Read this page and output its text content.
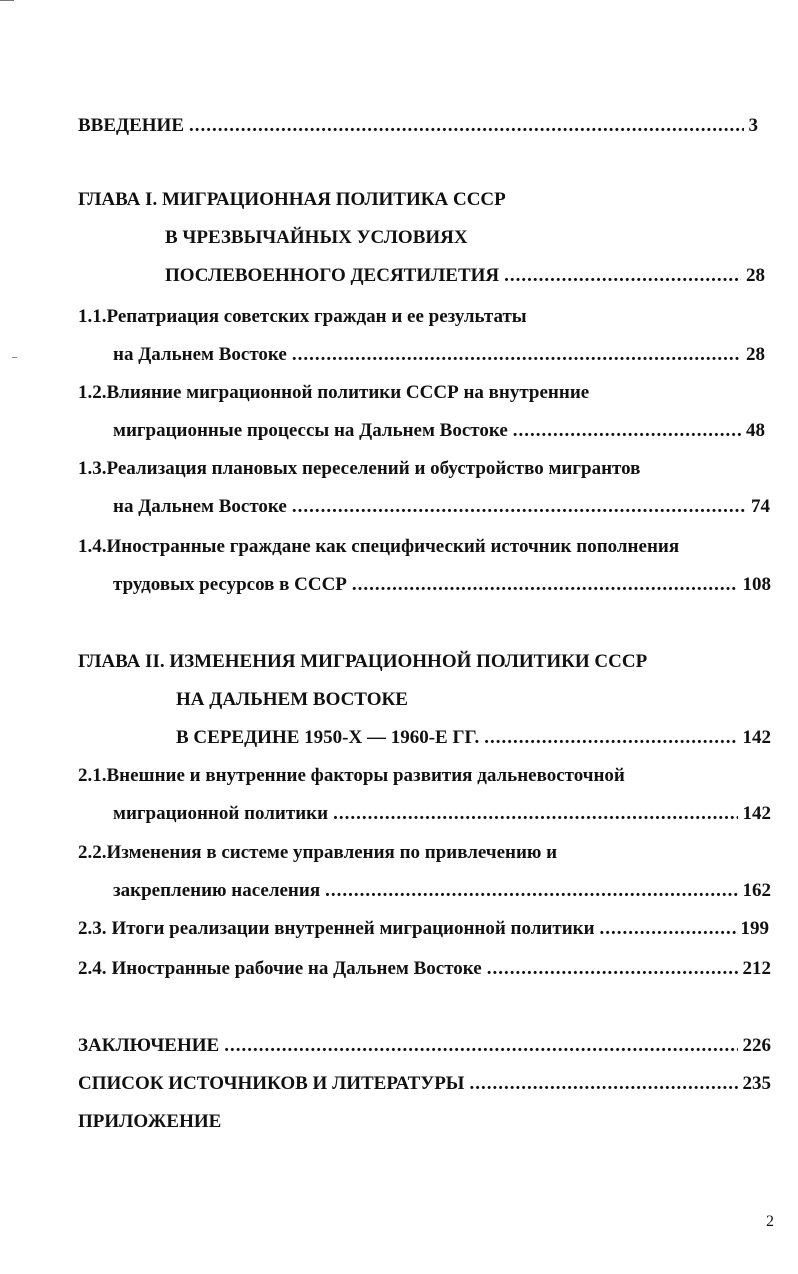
ВВЕДЕНИЕ .....	3
ГЛАВА I. МИГРАЦИОННАЯ ПОЛИТИКА СССР
В ЧРЕЗВЫЧАЙНЫХ УСЛОВИЯХ
ПОСЛЕВОЕННОГО ДЕСЯТИЛЕТИЯ .....	28
1.1.Репатриация советских граждан и ее результаты
на Дальнем Востоке .....	28
1.2.Влияние миграционной политики СССР на внутренние
миграционные процессы на Дальнем Востоке .....	48
1.3.Реализация плановых переселений и обустройство мигрантов
на Дальнем Востоке .....	74
1.4.Иностранные граждане как специфический источник пополнения
трудовых ресурсов в СССР .....	108
ГЛАВА II. ИЗМЕНЕНИЯ МИГРАЦИОННОЙ ПОЛИТИКИ СССР
НА ДАЛЬНЕМ ВОСТОКЕ
В СЕРЕДИНЕ 1950-Х — 1960-Е ГГ. .....	142
2.1.Внешние и внутренние факторы развития дальневосточной
миграционной политики .....	142
2.2.Изменения в системе управления по привлечению и
закреплению населения .....	162
2.3. Итоги реализации внутренней миграционной политики .....	199
2.4. Иностранные рабочие на Дальнем Востоке .....	212
ЗАКЛЮЧЕНИЕ .....	226
СПИСОК ИСТОЧНИКОВ И ЛИТЕРАТУРЫ .....	235
ПРИЛОЖЕНИЕ
2
